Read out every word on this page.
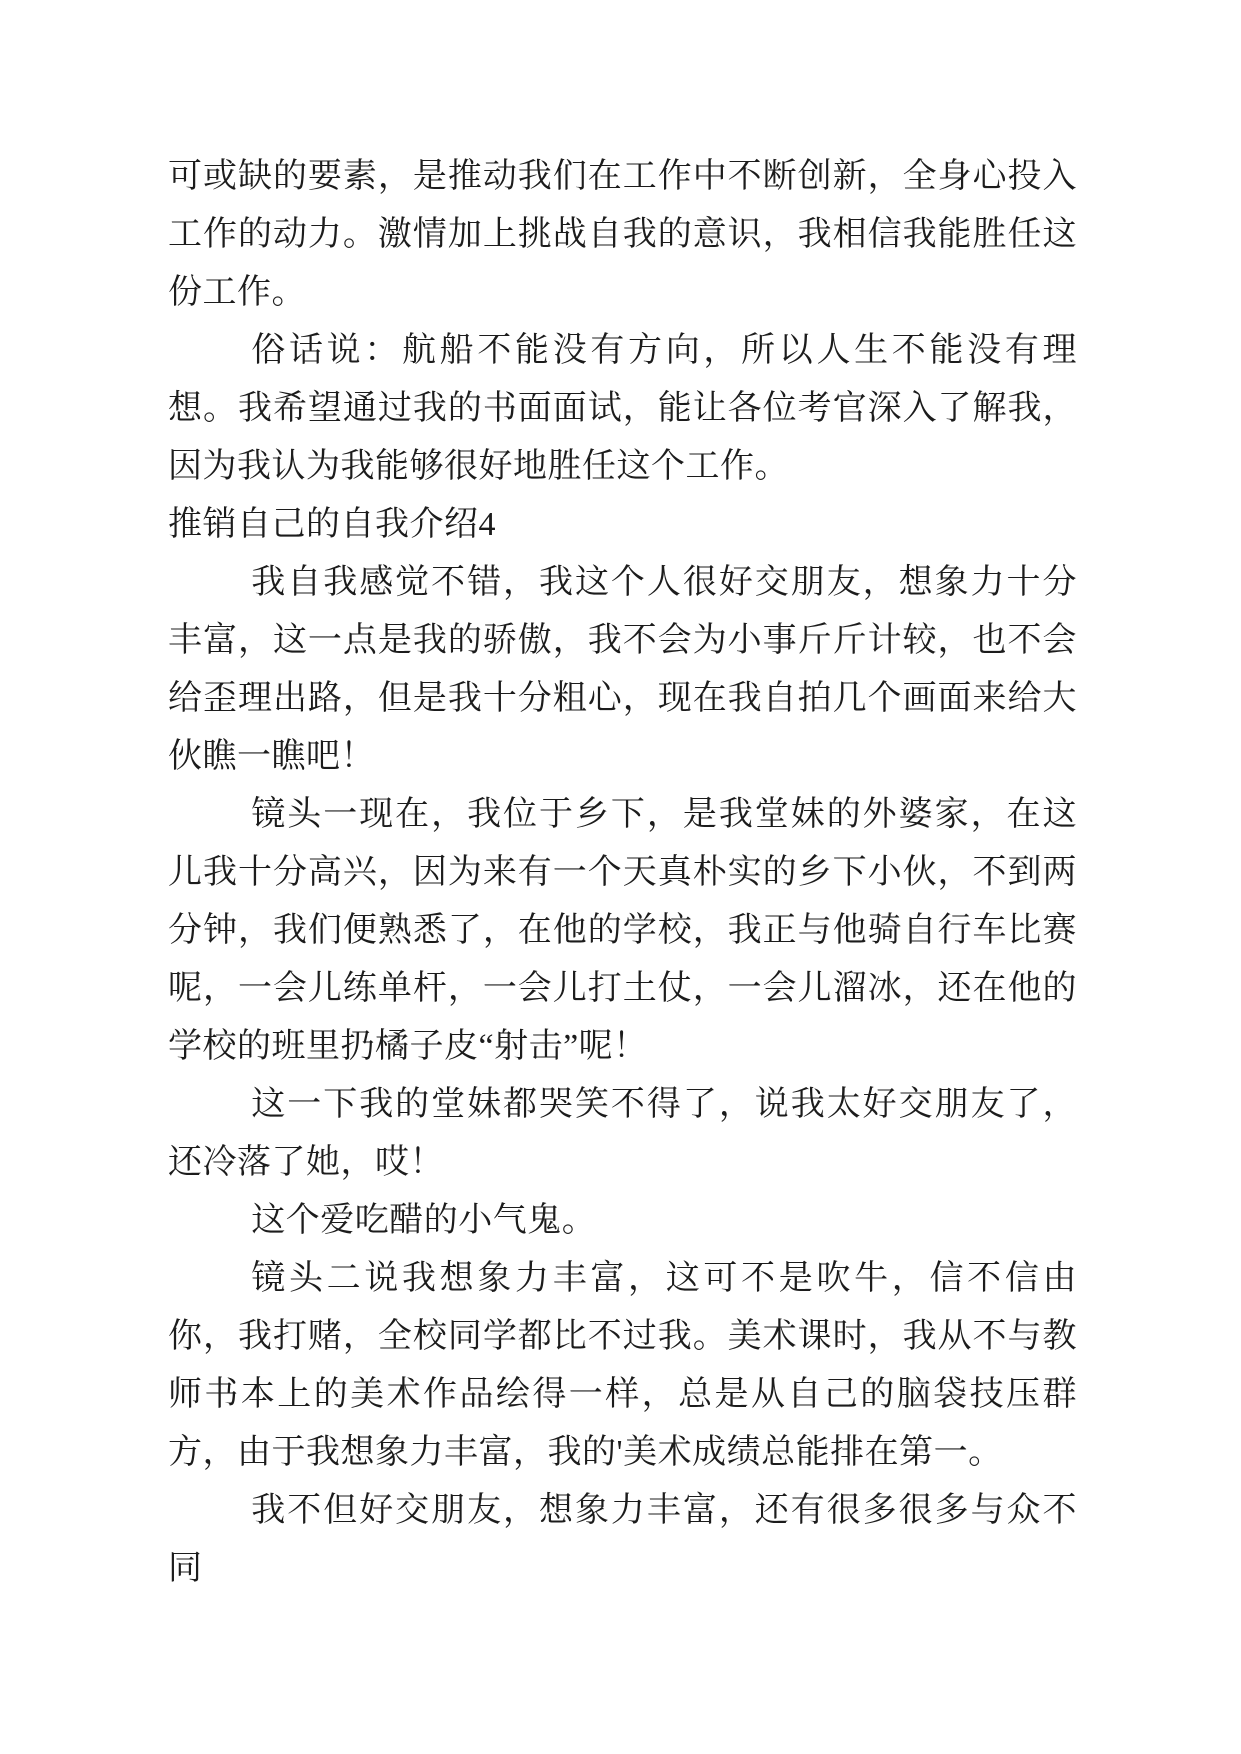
可或缺的要素，是推动我们在工作中不断创新，全身心投入工作的动力。激情加上挑战自我的意识，我相信我能胜任这份工作。

俗话说：航船不能没有方向，所以人生不能没有理想。我希望通过我的书面面试，能让各位考官深入了解我，因为我认为我能够很好地胜任这个工作。

推销自己的自我介绍4

我自我感觉不错，我这个人很好交朋友，想象力十分丰富，这一点是我的骄傲，我不会为小事斤斤计较，也不会给歪理出路，但是我十分粗心，现在我自拍几个画面来给大伙瞧一瞧吧！

镜头一现在，我位于乡下，是我堂妹的外婆家，在这儿我十分高兴，因为来有一个天真朴实的乡下小伙，不到两分钟，我们便熟悉了，在他的学校，我正与他骑自行车比赛呢，一会儿练单杆，一会儿打土仗，一会儿溜冰，还在他的学校的班里扔橘子皮“射击”呢！

这一下我的堂妹都哭笑不得了，说我太好交朋友了，还冷落了她，哎！

这个爱吃醋的小气鬼。

镜头二说我想象力丰富，这可不是吹牛，信不信由你，我打赌，全校同学都比不过我。美术课时，我从不与教师书本上的美术作品绘得一样，总是从自己的脑袋技压群方，由于我想象力丰富，我的'美术成绩总能排在第一。

我不但好交朋友，想象力丰富，还有很多很多与众不同
